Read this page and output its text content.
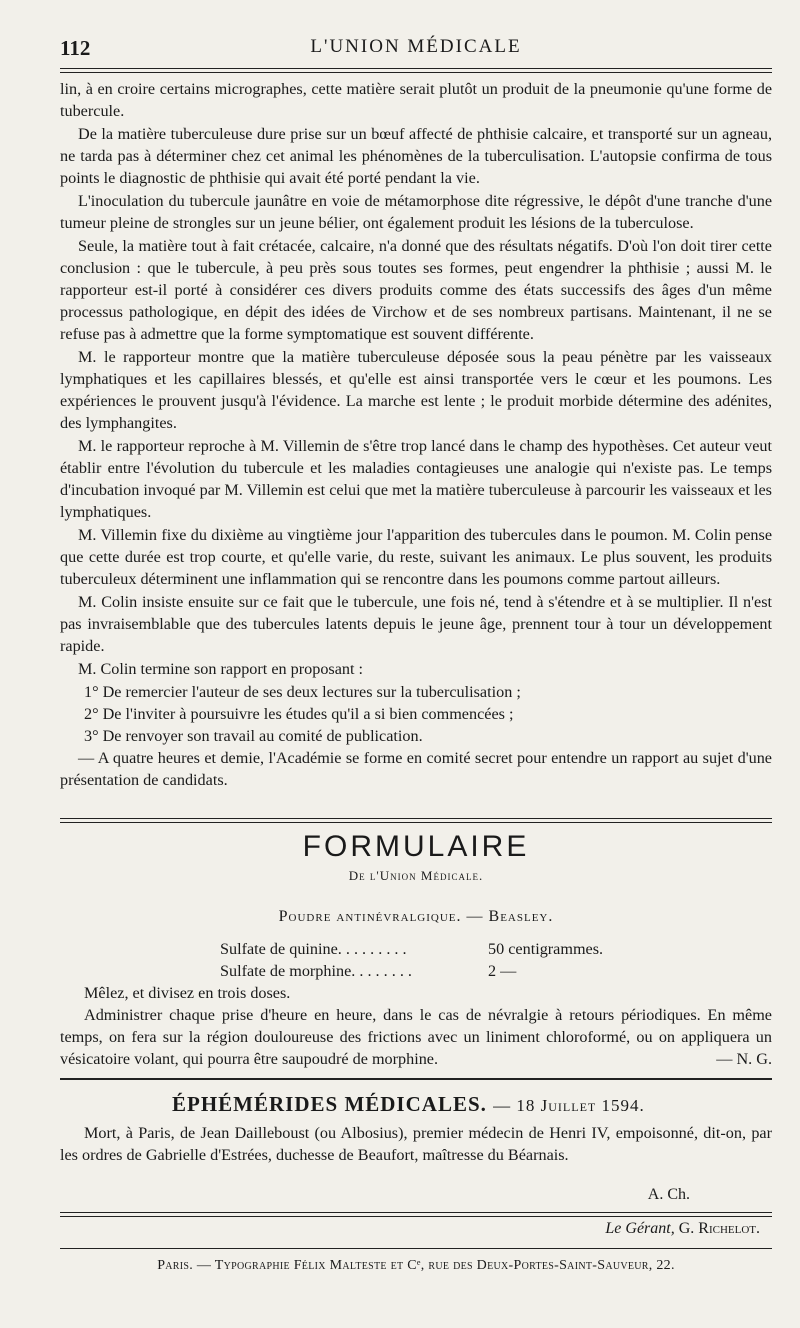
112	L'UNION MÉDICALE

lin, à en croire certains micrographes, cette matière serait plutôt un produit de la pneumonie qu'une forme de tubercule.

De la matière tuberculeuse dure prise sur un bœuf affecté de phthisie calcaire, et transporté sur un agneau, ne tarda pas à déterminer chez cet animal les phénomènes de la tuberculisation. L'autopsie confirma de tous points le diagnostic de phthisie qui avait été porté pendant la vie.

L'inoculation du tubercule jaunâtre en voie de métamorphose dite régressive, le dépôt d'une tranche d'une tumeur pleine de strongles sur un jeune bélier, ont également produit les lésions de la tuberculose.

Seule, la matière tout à fait crétacée, calcaire, n'a donné que des résultats négatifs. D'où l'on doit tirer cette conclusion : que le tubercule, à peu près sous toutes ses formes, peut engendrer la phthisie ; aussi M. le rapporteur est-il porté à considérer ces divers produits comme des états successifs des âges d'un même processus pathologique, en dépit des idées de Virchow et de ses nombreux partisans. Maintenant, il ne se refuse pas à admettre que la forme symptomatique est souvent différente.

M. le rapporteur montre que la matière tuberculeuse déposée sous la peau pénètre par les vaisseaux lymphatiques et les capillaires blessés, et qu'elle est ainsi transportée vers le cœur et les poumons. Les expériences le prouvent jusqu'à l'évidence. La marche est lente ; le produit morbide détermine des adénites, des lymphangites.

M. le rapporteur reproche à M. Villemin de s'être trop lancé dans le champ des hypothèses. Cet auteur veut établir entre l'évolution du tubercule et les maladies contagieuses une analogie qui n'existe pas. Le temps d'incubation invoqué par M. Villemin est celui que met la matière tuberculeuse à parcourir les vaisseaux et les lymphatiques.

M. Villemin fixe du dixième au vingtième jour l'apparition des tubercules dans le poumon. M. Colin pense que cette durée est trop courte, et qu'elle varie, du reste, suivant les animaux. Le plus souvent, les produits tuberculeux déterminent une inflammation qui se rencontre dans les poumons comme partout ailleurs.

M. Colin insiste ensuite sur ce fait que le tubercule, une fois né, tend à s'étendre et à se multiplier. Il n'est pas invraisemblable que des tubercules latents depuis le jeune âge, prennent tour à tour un développement rapide.

M. Colin termine son rapport en proposant :

1° De remercier l'auteur de ses deux lectures sur la tuberculisation ;

2° De l'inviter à poursuivre les études qu'il a si bien commencées ;

3° De renvoyer son travail au comité de publication.

— A quatre heures et demie, l'Académie se forme en comité secret pour entendre un rapport au sujet d'une présentation de candidats.

FORMULAIRE
De l'Union Médicale.
Poudre antinévralgique. — Beasley.
Sulfate de quinine. . . . . . . . .	50 centigrammes.
Sulfate de morphine. . . . . . . .	2 —

Mêlez, et divisez en trois doses.

Administrer chaque prise d'heure en heure, dans le cas de névralgie à retours périodiques. En même temps, on fera sur la région douloureuse des frictions avec un liniment chloroformé, ou on appliquera un vésicatoire volant, qui pourra être saupoudré de morphine.	— N. G.

ÉPHÉMÉRIDES MÉDICALES. — 18 Juillet 1594.

Mort, à Paris, de Jean Dailleboust (ou Albosius), premier médecin de Henri IV, empoisonné, dit-on, par les ordres de Gabrielle d'Estrées, duchesse de Beaufort, maîtresse du Béarnais.

A. Ch.
Le Gérant, G. Richelot.
Paris. — Typographie Félix Malteste et Cᵉ, rue des Deux-Portes-Saint-Sauveur, 22.
